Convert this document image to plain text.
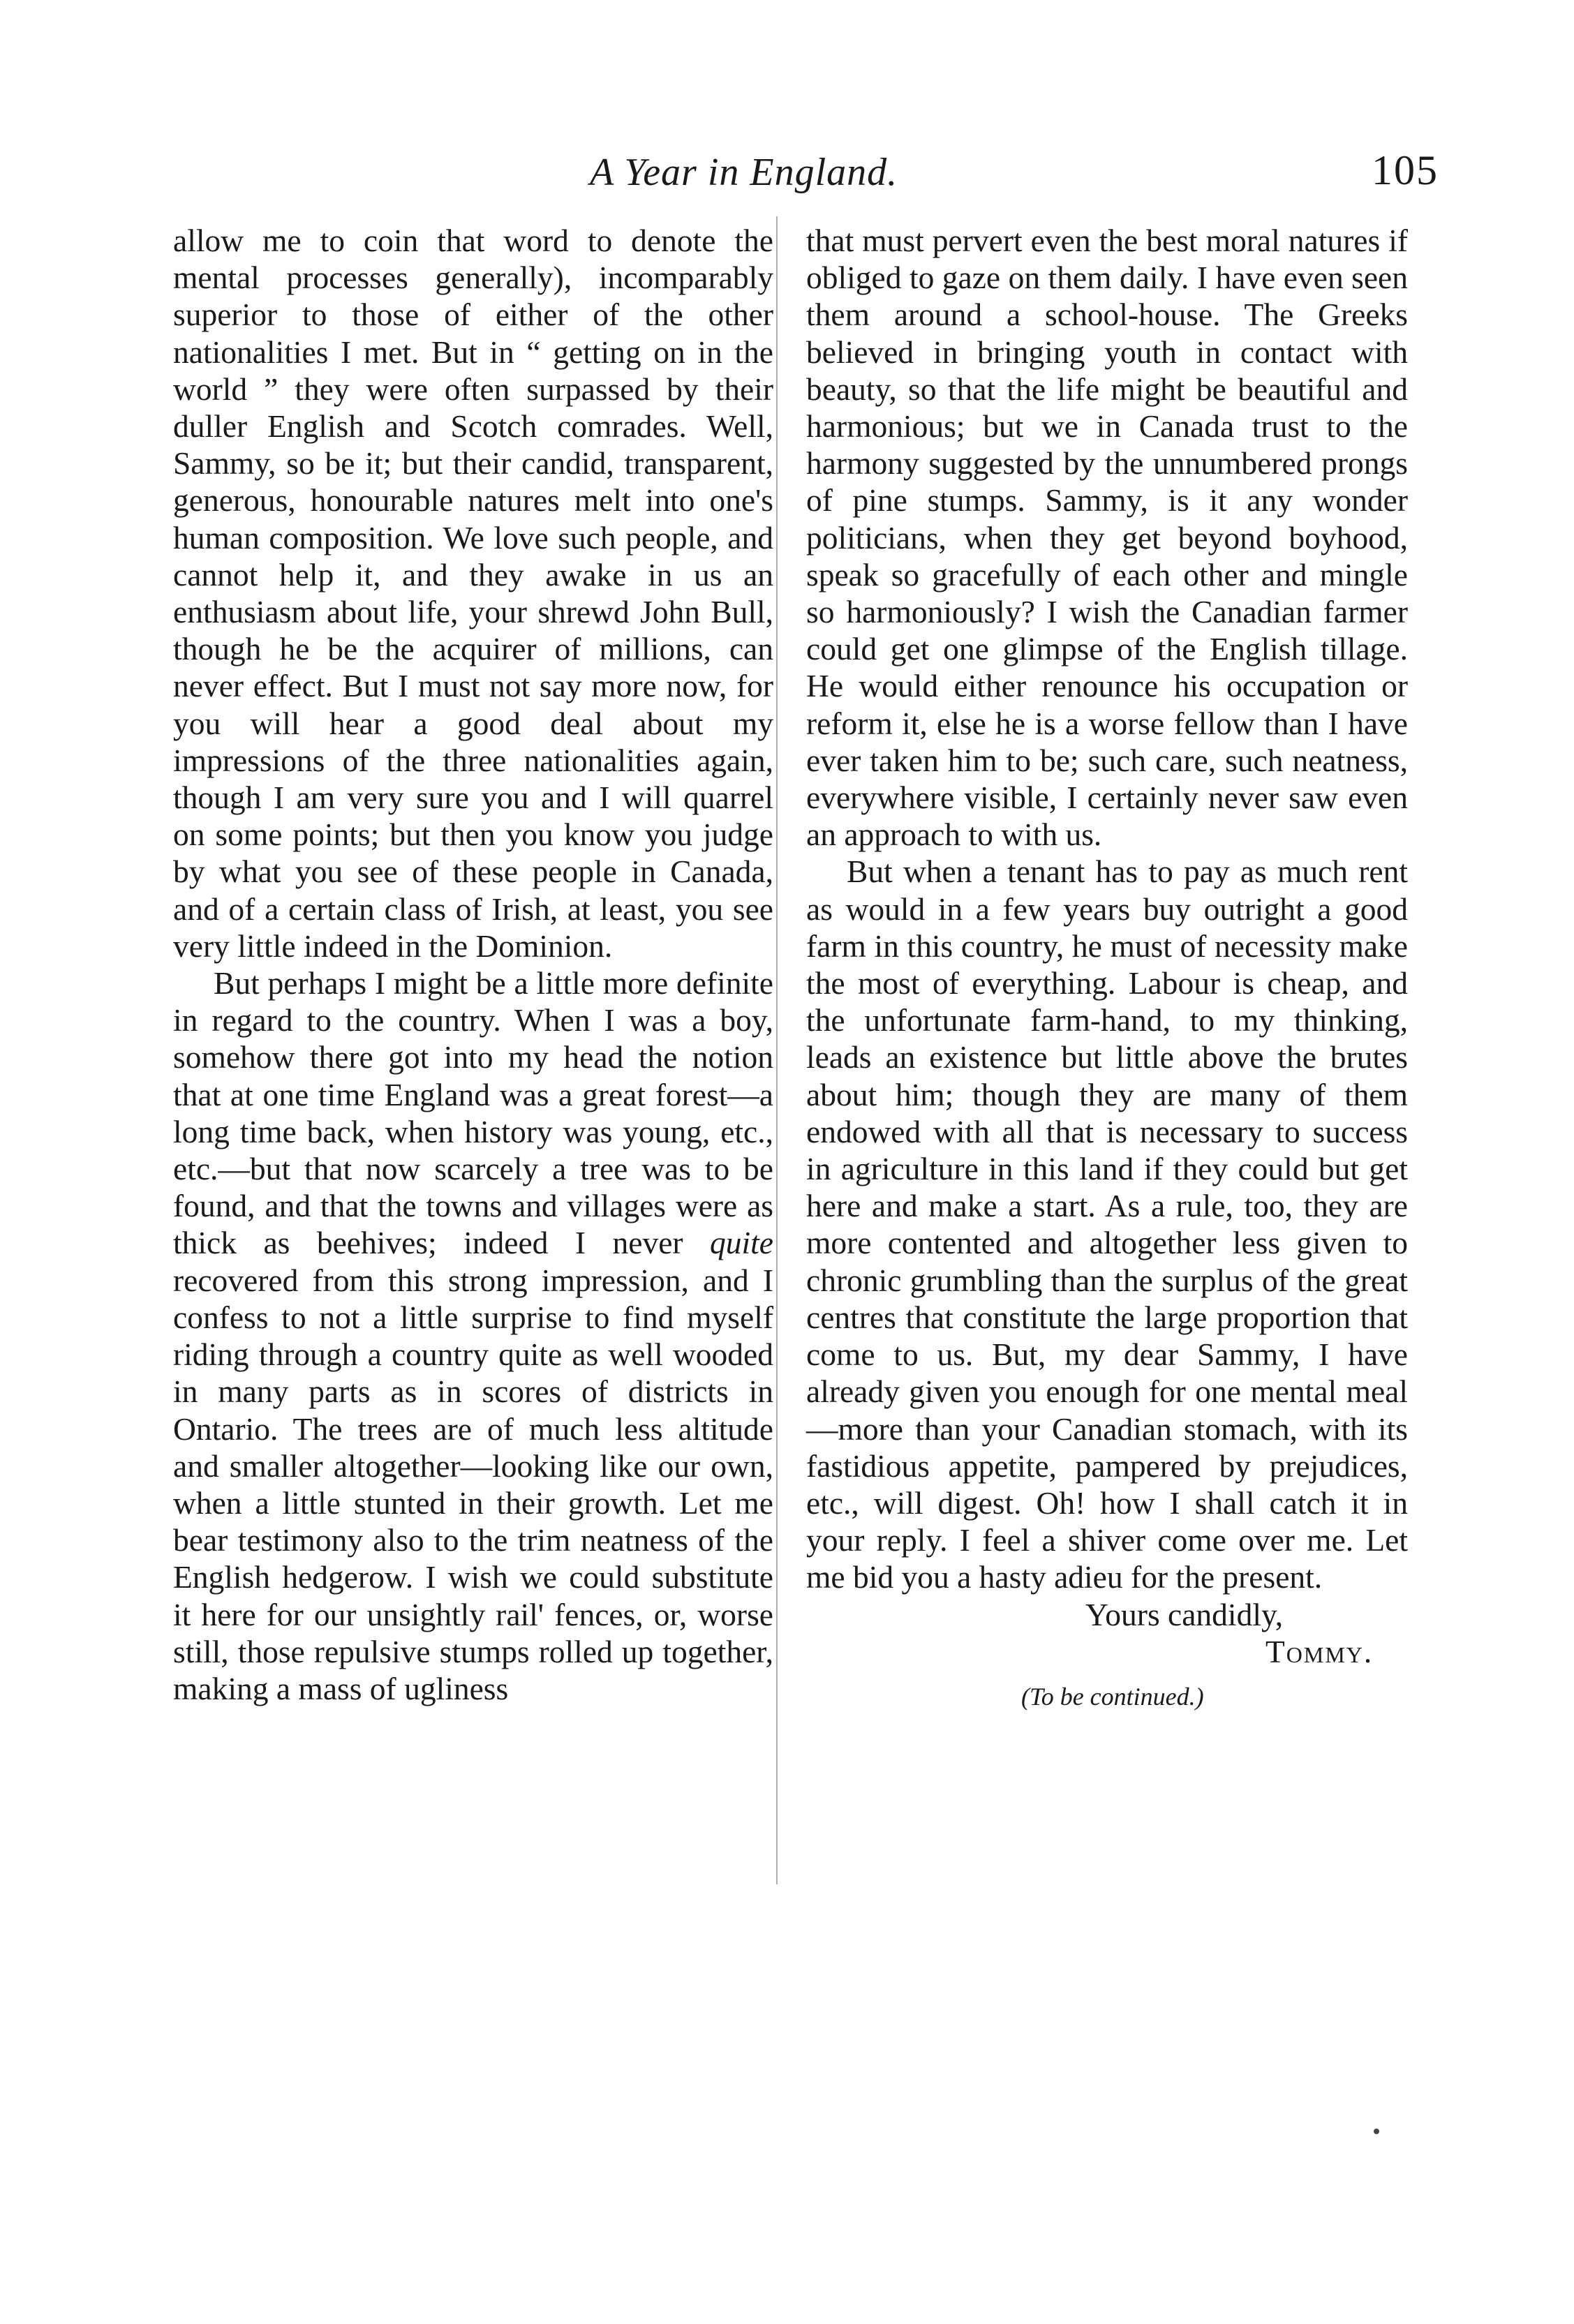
A Year in England.	105

allow me to coin that word to denote the mental processes generally), incomparably superior to those of either of the other nationalities I met. But in “ getting on in the world ” they were often surpassed by their duller English and Scotch comrades. Well, Sammy, so be it; but their candid, transparent, generous, honourable natures melt into one's human composition. We love such people, and cannot help it, and they awake in us an enthusiasm about life, your shrewd John Bull, though he be the acquirer of millions, can never effect. But I must not say more now, for you will hear a good deal about my impressions of the three nationalities again, though I am very sure you and I will quarrel on some points; but then you know you judge by what you see of these people in Canada, and of a certain class of Irish, at least, you see very little indeed in the Dominion.

But perhaps I might be a little more definite in regard to the country. When I was a boy, somehow there got into my head the notion that at one time England was a great forest—a long time back, when history was young, etc., etc.—but that now scarcely a tree was to be found, and that the towns and villages were as thick as beehives; indeed I never quite recovered from this strong impression, and I confess to not a little surprise to find myself riding through a country quite as well wooded in many parts as in scores of districts in Ontario. The trees are of much less altitude and smaller altogether—looking like our own, when a little stunted in their growth. Let me bear testimony also to the trim neatness of the English hedgerow. I wish we could substitute it here for our unsightly rail' fences, or, worse still, those repulsive stumps rolled up together, making a mass of ugliness

that must pervert even the best moral natures if obliged to gaze on them daily. I have even seen them around a school-house. The Greeks believed in bringing youth in contact with beauty, so that the life might be beautiful and harmonious; but we in Canada trust to the harmony suggested by the unnumbered prongs of pine stumps. Sammy, is it any wonder politicians, when they get beyond boyhood, speak so gracefully of each other and mingle so harmoniously? I wish the Canadian farmer could get one glimpse of the English tillage. He would either renounce his occupation or reform it, else he is a worse fellow than I have ever taken him to be; such care, such neatness, everywhere visible, I certainly never saw even an approach to with us.

But when a tenant has to pay as much rent as would in a few years buy outright a good farm in this country, he must of necessity make the most of everything. Labour is cheap, and the unfortunate farm-hand, to my thinking, leads an existence but little above the brutes about him; though they are many of them endowed with all that is necessary to success in agriculture in this land if they could but get here and make a start. As a rule, too, they are more contented and altogether less given to chronic grumbling than the surplus of the great centres that constitute the large proportion that come to us. But, my dear Sammy, I have already given you enough for one mental meal—more than your Canadian stomach, with its fastidious appetite, pampered by prejudices, etc., will digest. Oh! how I shall catch it in your reply. I feel a shiver come over me. Let me bid you a hasty adieu for the present.

Yours candidly,
Tommy.
(To be continued.)
